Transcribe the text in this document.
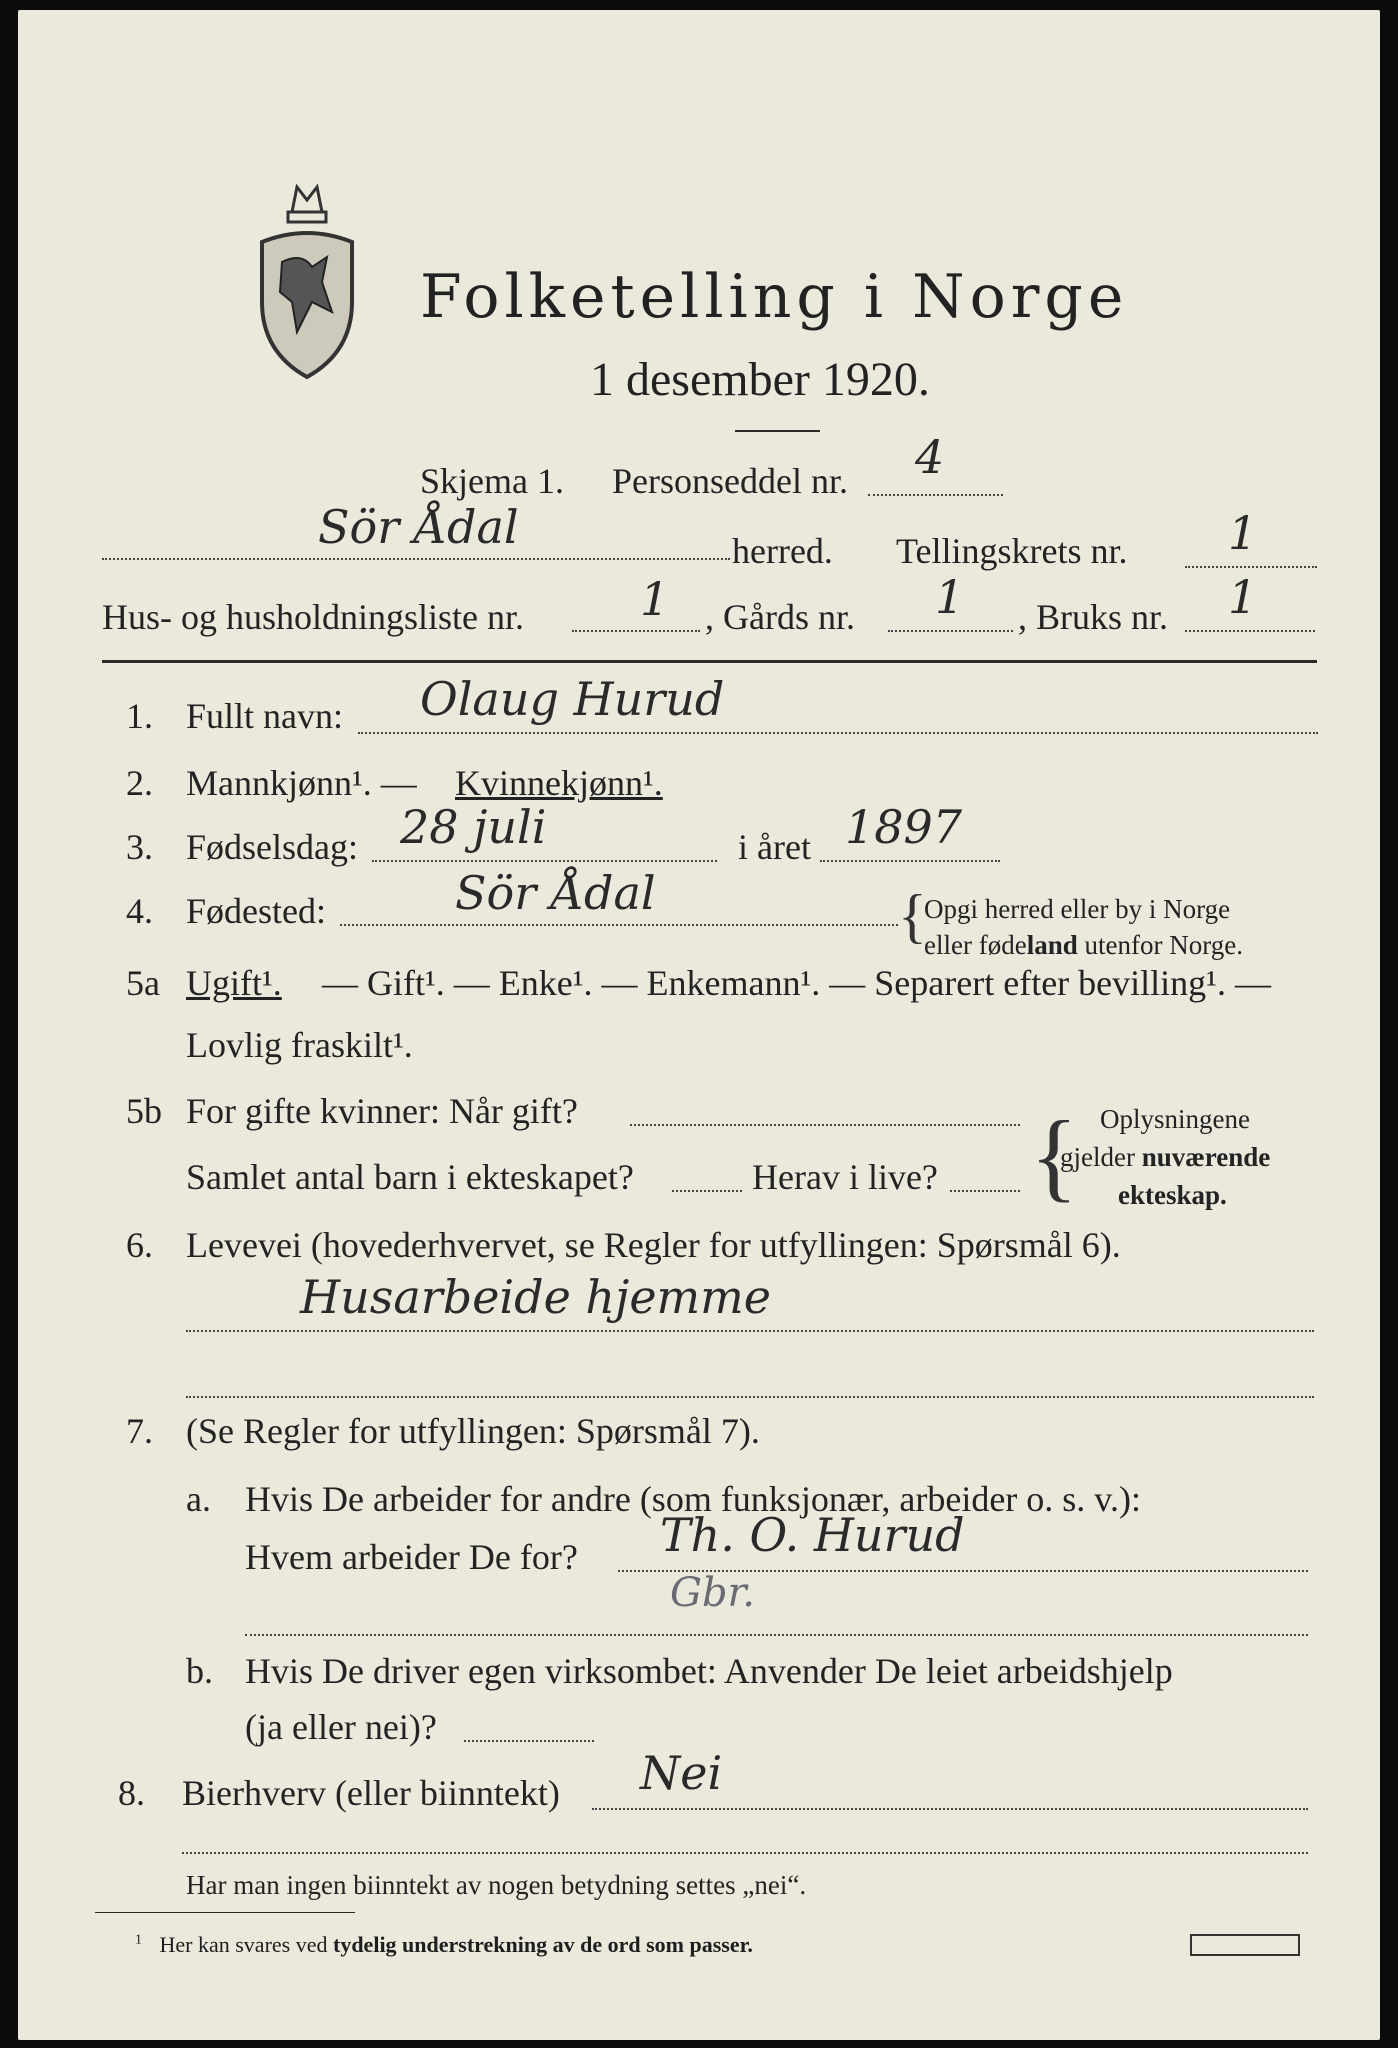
Folketelling i Norge
1 desember 1920.
Skjema 1. Personseddel nr. 4
Sör Ådal	herred. Tellingskrets nr. 1
Hus- og husholdningsliste nr.	1 , Gårds nr. 1 , Bruks nr. 1
1. Fullt navn: Olaug Hurud
2. Mannkjønn¹. — Kvinnekjønn¹.
3. Fødselsdag: 28 juli	i året 1897
4. Fødested:	Sör Ådal	{
Opgi herred eller by i Norge
eller fødeland utenfor Norge.
5a Ugift¹. — Gift¹. — Enke¹. — Enkemann¹. — Separert efter bevilling¹. —
Lovlig fraskilt¹.
5b For gifte kvinner: Når gift?
Samlet antal barn i ekteskapet?	Herav i live? { Oplysningene
gjelder nuværende
ekteskap.
6. Levevei (hovederhvervet, se Regler for utfyllingen: Spørsmål 6).
Husarbeide hjemme
7. (Se Regler for utfyllingen: Spørsmål 7).
a. Hvis De arbeider for andre (som funksjonær, arbeider o. s. v.):
Hvem arbeider De for? Th. O. Hurud
Gbr.
b. Hvis De driver egen virksombet: Anvender De leiet arbeidshjelp
(ja eller nei)?
8. Bierhverv (eller biinntekt) Nei
Har man ingen biinntekt av nogen betydning settes „nei“.
$^1$ Her kan svares ved tydelig understrekning av de ord som passer.
